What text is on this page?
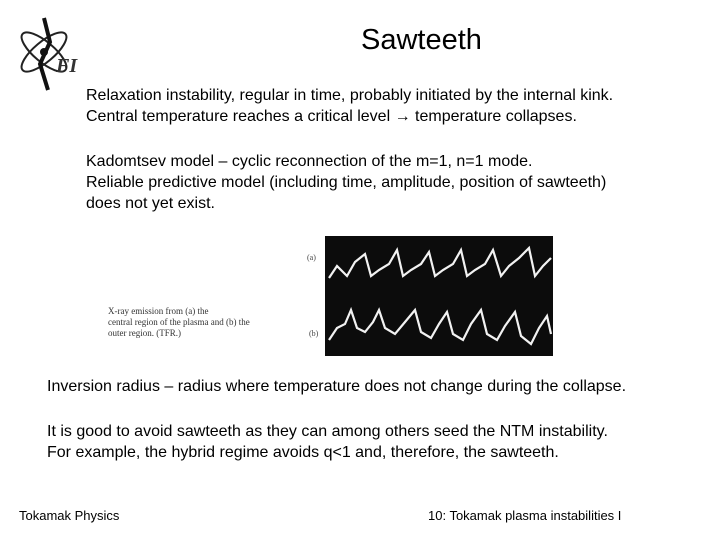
FI
Sawteeth
Relaxation instability, regular in time, probably initiated by the internal kink.
Central temperature reaches a critical level → temperature collapses.
Kadomtsev model – cyclic reconnection of the m=1, n=1 mode.
Reliable predictive model (including time, amplitude, position of sawteeth)
does not yet exist.
X-ray emission from (a) the
central region of the plasma and (b) the
outer region. (TFR.)
(a)
(b)
Inversion radius – radius where temperature does not change during the collapse.
It is good to avoid sawteeth as they can among others seed the NTM instability.
For example, the hybrid regime avoids q<1 and, therefore, the sawteeth.
Tokamak Physics	10: Tokamak plasma instabilities I
